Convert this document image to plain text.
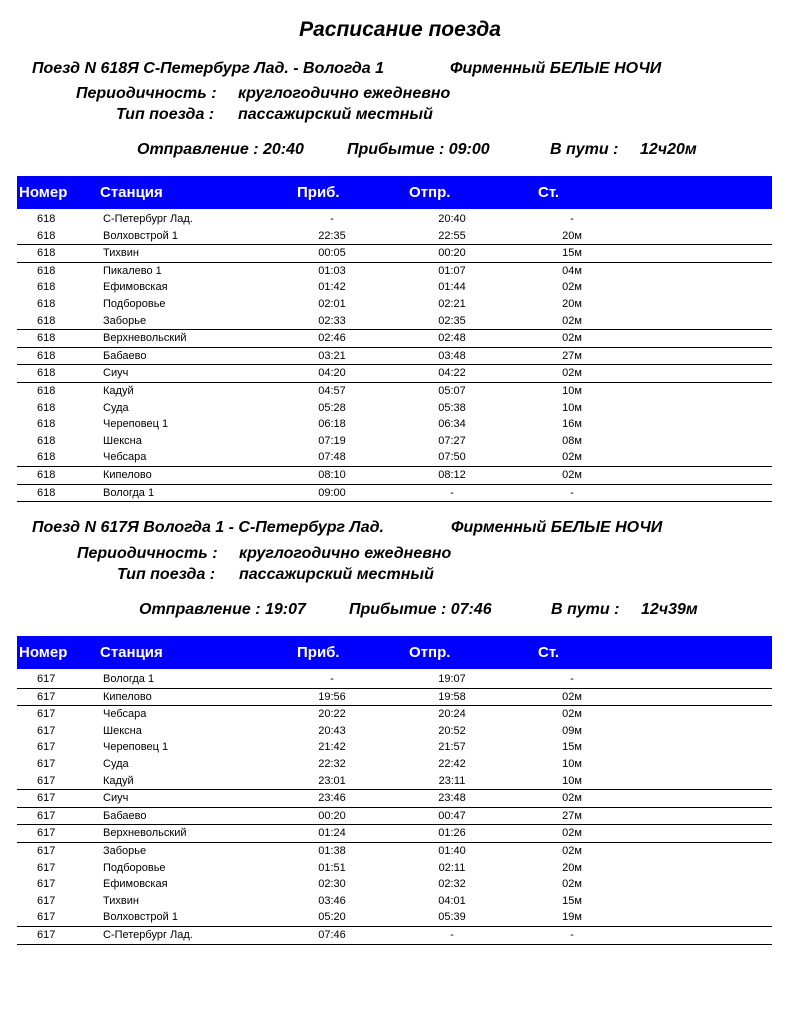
Расписание поезда
Поезд N 618Я С-Петербург Лад. - Вологда 1	Фирменный БЕЛЫЕ НОЧИ
Периодичность : круглогодично ежедневно
Тип поезда : пассажирский местный
Отправление : 20:40	Прибытие : 09:00	В пути : 12ч20м
Номер Станция	Приб.	Отпр.	Ст.
618	С-Петербург Лад.	-	20:40	-
618	Волховстрой 1	22:35	22:55	20м
618	Тихвин	00:05	00:20	15м
618	Пикалево 1	01:03	01:07	04м
618	Ефимовская	01:42	01:44	02м
618	Подборовье	02:01	02:21	20м
618	Заборье	02:33	02:35	02м
618	Верхневольский	02:46	02:48	02м
618	Бабаево	03:21	03:48	27м
618	Сиуч	04:20	04:22	02м
618	Кадуй	04:57	05:07	10м
618	Суда	05:28	05:38	10м
618	Череповец 1	06:18	06:34	16м
618	Шексна	07:19	07:27	08м
618	Чебсара	07:48	07:50	02м
618	Кипелово	08:10	08:12	02м
618	Вологда 1	09:00	-	-
Поезд N 617Я Вологда 1 - С-Петербург Лад.	Фирменный БЕЛЫЕ НОЧИ
Периодичность : круглогодично ежедневно
Тип поезда : пассажирский местный
Отправление : 19:07	Прибытие : 07:46	В пути : 12ч39м
Номер Станция	Приб.	Отпр.	Ст.
617	Вологда 1	-	19:07	-
617	Кипелово	19:56	19:58	02м
617	Чебсара	20:22	20:24	02м
617	Шексна	20:43	20:52	09м
617	Череповец 1	21:42	21:57	15м
617	Суда	22:32	22:42	10м
617	Кадуй	23:01	23:11	10м
617	Сиуч	23:46	23:48	02м
617	Бабаево	00:20	00:47	27м
617	Верхневольский	01:24	01:26	02м
617	Заборье	01:38	01:40	02м
617	Подборовье	01:51	02:11	20м
617	Ефимовская	02:30	02:32	02м
617	Тихвин	03:46	04:01	15м
617	Волховстрой 1	05:20	05:39	19м
617	С-Петербург Лад.	07:46	-	-
